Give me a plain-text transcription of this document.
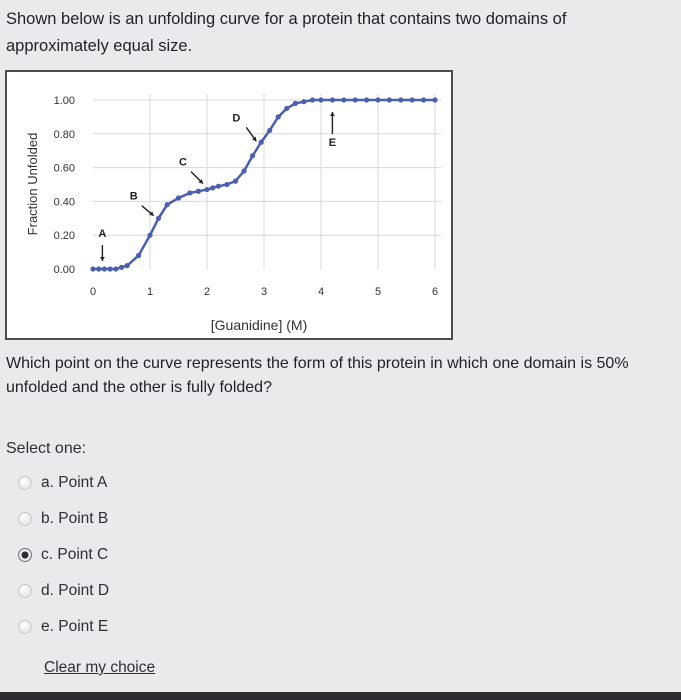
Shown below is an unfolding curve for a protein that contains two domains of approximately equal size.
0	1	2	3	4	5	6
0.00
0.20
0.40
0.60
0.80
1.00
A
B
C
D
E
Fraction Unfolded
[Guanidine] (M)
Which point on the curve represents the form of this protein in which one domain is 50% unfolded and the other is fully folded?
Select one:
a. Point A
b. Point B
c. Point C
d. Point D
e. Point E
Clear my choice
